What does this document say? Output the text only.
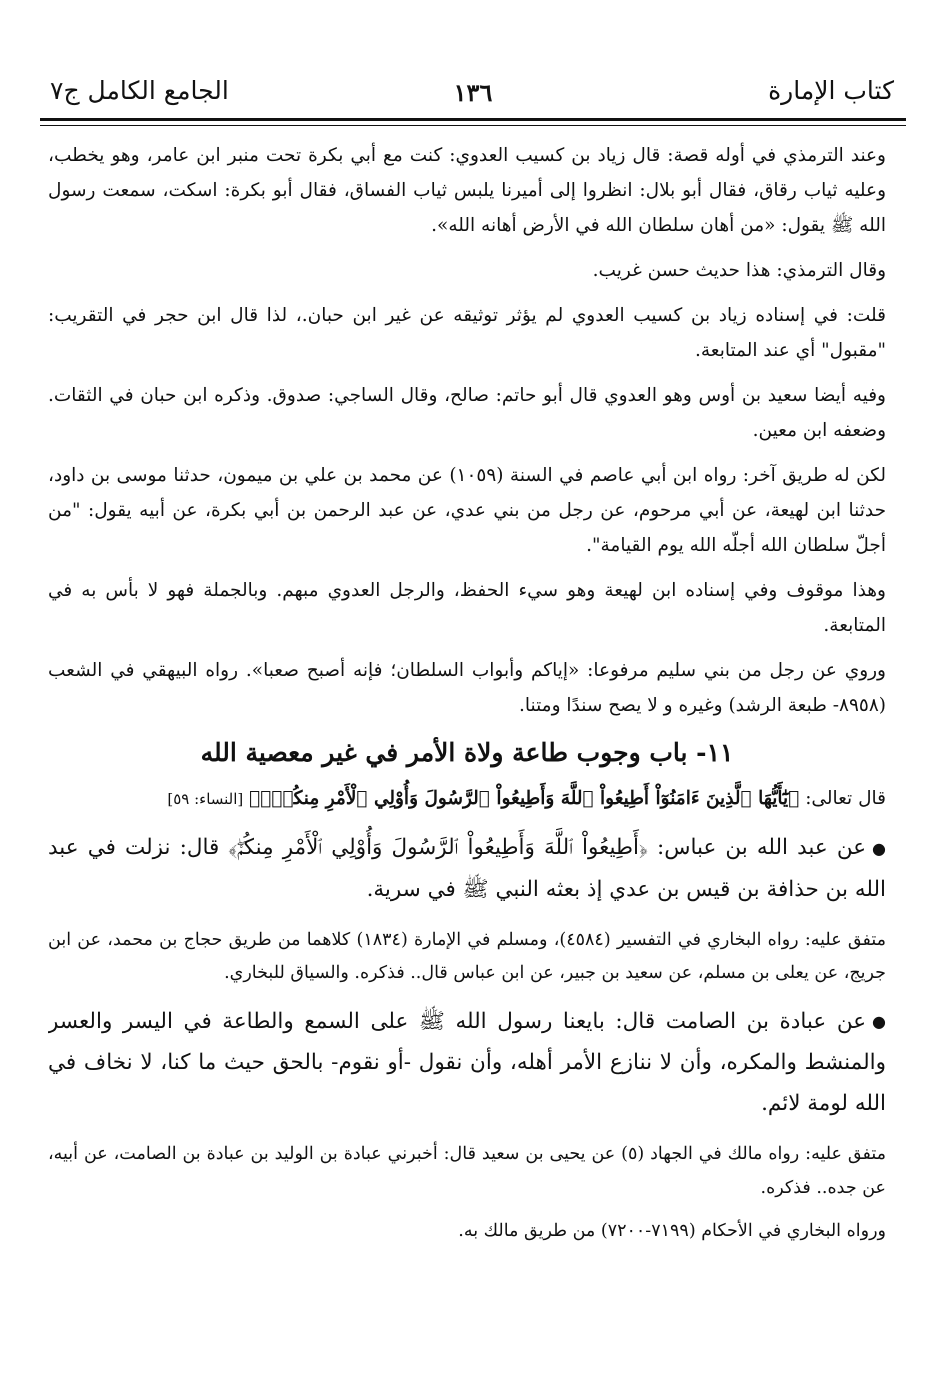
كتاب الإمارة
١٣٦
الجامع الكامل ج٧

وعند الترمذي في أوله قصة: قال زياد بن كسيب العدوي: كنت مع أبي بكرة تحت منبر ابن عامر، وهو يخطب، وعليه ثياب رقاق، فقال أبو بلال: انظروا إلى أميرنا يلبس ثياب الفساق، فقال أبو بكرة: اسكت، سمعت رسول الله ﷺ يقول: «من أهان سلطان الله في الأرض أهانه الله».

وقال الترمذي: هذا حديث حسن غريب.

قلت: في إسناده زياد بن كسيب العدوي لم يؤثر توثيقه عن غير ابن حبان.، لذا قال ابن حجر في التقريب: "مقبول" أي عند المتابعة.

وفيه أيضا سعيد بن أوس وهو العدوي قال أبو حاتم: صالح، وقال الساجي: صدوق. وذكره ابن حبان في الثقات. وضعفه ابن معين.

لكن له طريق آخر: رواه ابن أبي عاصم في السنة (١٠٥٩) عن محمد بن علي بن ميمون، حدثنا موسى بن داود، حدثنا ابن لهيعة، عن أبي مرحوم، عن رجل من بني عدي، عن عبد الرحمن بن أبي بكرة، عن أبيه يقول: "من أجلّ سلطان الله أجلّه الله يوم القيامة".

وهذا موقوف وفي إسناده ابن لهيعة وهو سيء الحفظ، والرجل العدوي مبهم. وبالجملة فهو لا بأس به في المتابعة.

وروي عن رجل من بني سليم مرفوعا: «إياكم وأبواب السلطان؛ فإنه أصبح صعبا». رواه البيهقي في الشعب (٨٩٥٨- طبعة الرشد) وغيره و لا يصح سندًا ومتنا.

١١- باب وجوب طاعة ولاة الأمر في غير معصية الله

قال تعالى: ﴿يَٰٓأَيُّهَا ٱلَّذِينَ ءَامَنُوٓاْ أَطِيعُواْ ٱللَّهَ وَأَطِيعُواْ ٱلرَّسُولَ وَأُوْلِي ٱلْأَمْرِ مِنكُمْۖ﴾ [النساء: ٥٩]

●عن عبد الله بن عباس: ﴿أَطِيعُواْ ٱللَّهَ وَأَطِيعُواْ ٱلرَّسُولَ وَأُوْلِي ٱلْأَمْرِ مِنكُمْۖ﴾ قال: نزلت في عبد الله بن حذافة بن قيس بن عدي إذ بعثه النبي ﷺ في سرية.

متفق عليه: رواه البخاري في التفسير (٤٥٨٤)، ومسلم في الإمارة (١٨٣٤) كلاهما من طريق حجاج بن محمد، عن ابن جريج، عن يعلى بن مسلم، عن سعيد بن جبير، عن ابن عباس قال.. فذكره. والسياق للبخاري.

●عن عبادة بن الصامت قال: بايعنا رسول الله ﷺ على السمع والطاعة في اليسر والعسر والمنشط والمكره، وأن لا ننازع الأمر أهله، وأن نقول -أو نقوم- بالحق حيث ما كنا، لا نخاف في الله لومة لائم.

متفق عليه: رواه مالك في الجهاد (٥) عن يحيى بن سعيد قال: أخبرني عبادة بن الوليد بن عبادة بن الصامت، عن أبيه، عن جده.. فذكره.

ورواه البخاري في الأحكام (٧١٩٩-٧٢٠٠) من طريق مالك به.
